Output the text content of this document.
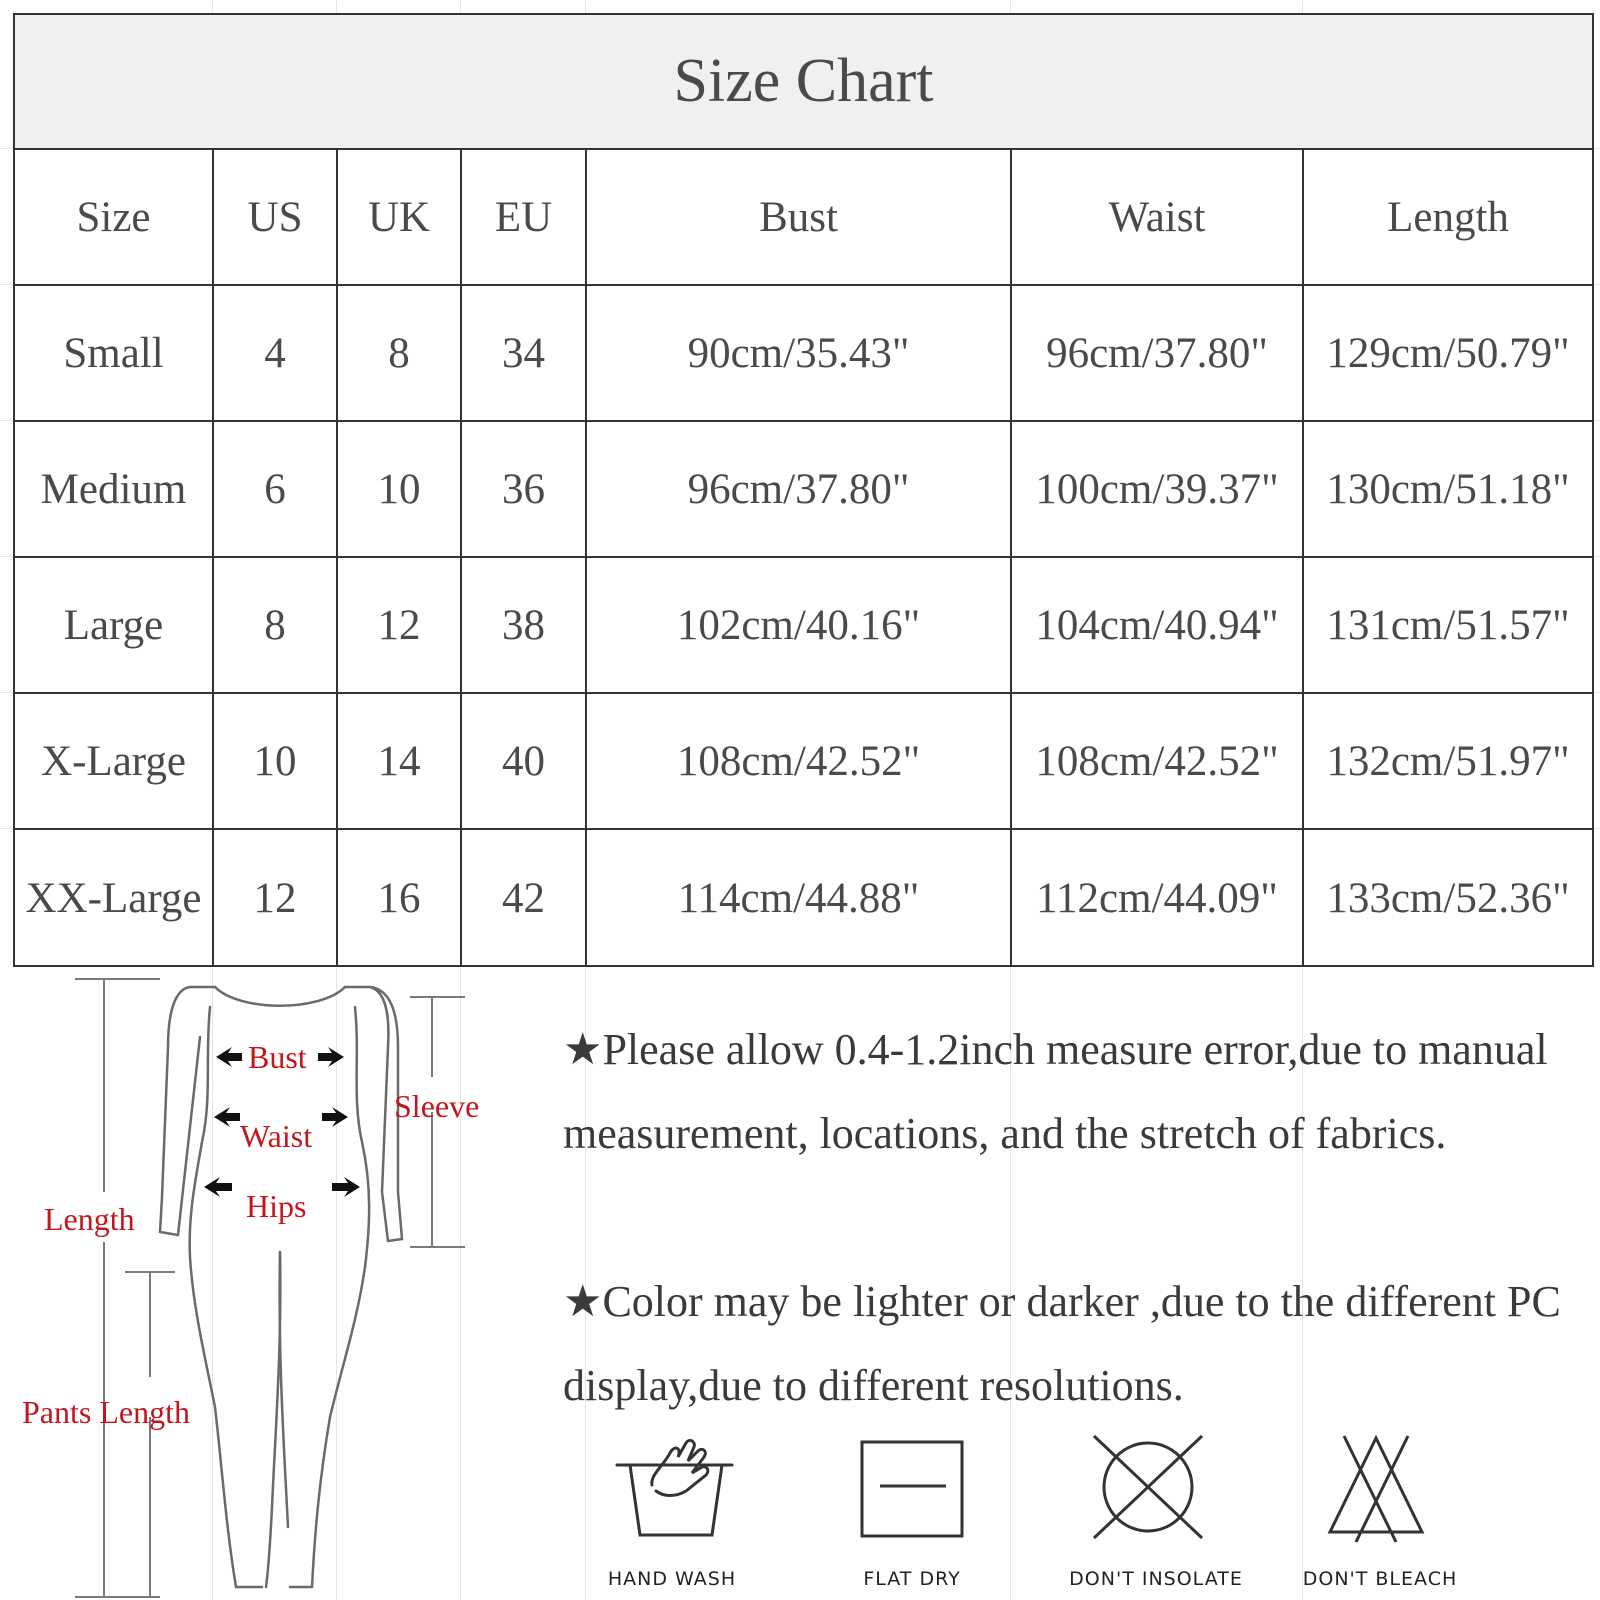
Size Chart
Size	US	UK	EU	Bust	Waist	Length
Small	4	8	34	90cm/35.43"	96cm/37.80"	129cm/50.79"
Medium	6	10	36	96cm/37.80"	100cm/39.37"	130cm/51.18"
Large	8	12	38	102cm/40.16"	104cm/40.94"	131cm/51.57"
X-Large	10	14	40	108cm/42.52"	108cm/42.52"	132cm/51.97"
XX-Large	12	16	42	114cm/44.88"	112cm/44.09"	133cm/52.36"
Bust
Waist
Hips
Sleeve
Length
Pants Length
★Please allow 0.4-1.2inch measure error,due to manual measurement, locations, and the stretch of fabrics.
★Color may be lighter or darker ,due to the different PC display,due to different resolutions.
HAND WASH	FLAT DRY	DON'T INSOLATE	DON'T BLEACH
